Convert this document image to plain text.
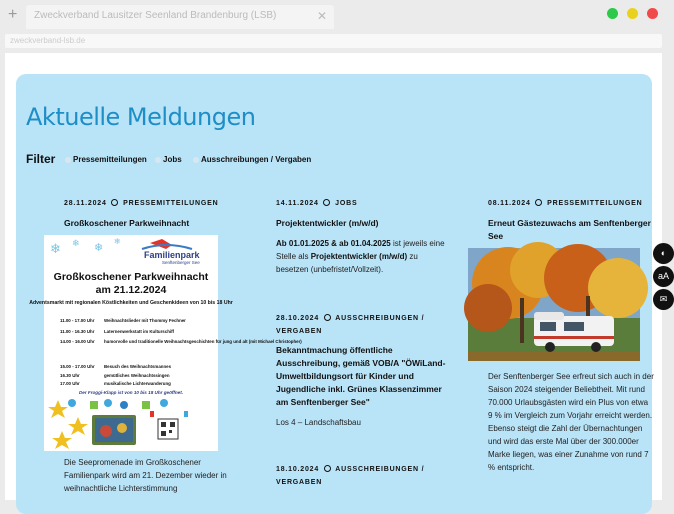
+	Zweckverband Lausitzer Seenland Brandenburg (LSB)	✕
zweckverband-lsb.de
Aktuelle Meldungen
Filter	Pressemitteilungen	Jobs	Ausschreibungen / Vergaben
28.11.2024 PRESSEMITTEILUNGEN
Großkoschener Parkweihnacht
❄ ❄ ❄ ❄
Familienpark
Senftenberger See
Großkoschener Parkweihnacht
am 21.12.2024
Adventsmarkt mit regionalen Köstlichkeiten und Geschenkideen von 10 bis 18 Uhr
11.00 - 17.00 Uhr Weihnachtslieder mit Thommy Fechner
11.00 - 16.30 Uhr Laternenwerkstatt im Kulturschiff
14.00 - 16.00 Uhr humorvolle und traditionelle Weihnachtsgeschichten für jung und alt (mit Michael Christopher)
15.00 - 17.00 Uhr Besuch des Weihnachtsmannes
16.30 Uhr	gemütliches Weihnachtssingen
17.00 Uhr	musikalische Lichterwanderung
Der Froggi-Klapp ist von 10 bis 18 Uhr geöffnet.
Die Seepromenade im Großkoschener Familienpark wird am 21. Dezember wieder in weihnachtliche Lichterstimmung
14.11.2024 JOBS
Projektentwickler (m/w/d)
Ab 01.01.2025 & ab 01.04.2025 ist jeweils eine Stelle als Projektentwickler (m/w/d) zu besetzen (unbefristet/Vollzeit).
28.10.2024 AUSSCHREIBUNGEN / VERGABEN
Bekanntmachung öffentliche Ausschreibung, gemäß VOB/A "ÖWiLand-Umweltbildungsort für Kinder und Jugendliche inkl. Grünes Klassenzimmer am Senftenberger See"
Los 4 – Landschaftsbau
18.10.2024 AUSSCHREIBUNGEN / VERGABEN
08.11.2024 PRESSEMITTEILUNGEN
Erneut Gästezuwachs am Senftenberger See
Der Senftenberger See erfreut sich auch in der Saison 2024 steigender Beliebtheit. Mit rund 70.000 Urlaubsgästen wird ein Plus von etwa 9 % im Vergleich zum Vorjahr erreicht werden. Ebenso steigt die Zahl der Übernachtungen und wird das erste Mal über der 300.000er Marke liegen, was einer Zunahme von rund 7 % entspricht.
◐
aA
✉
